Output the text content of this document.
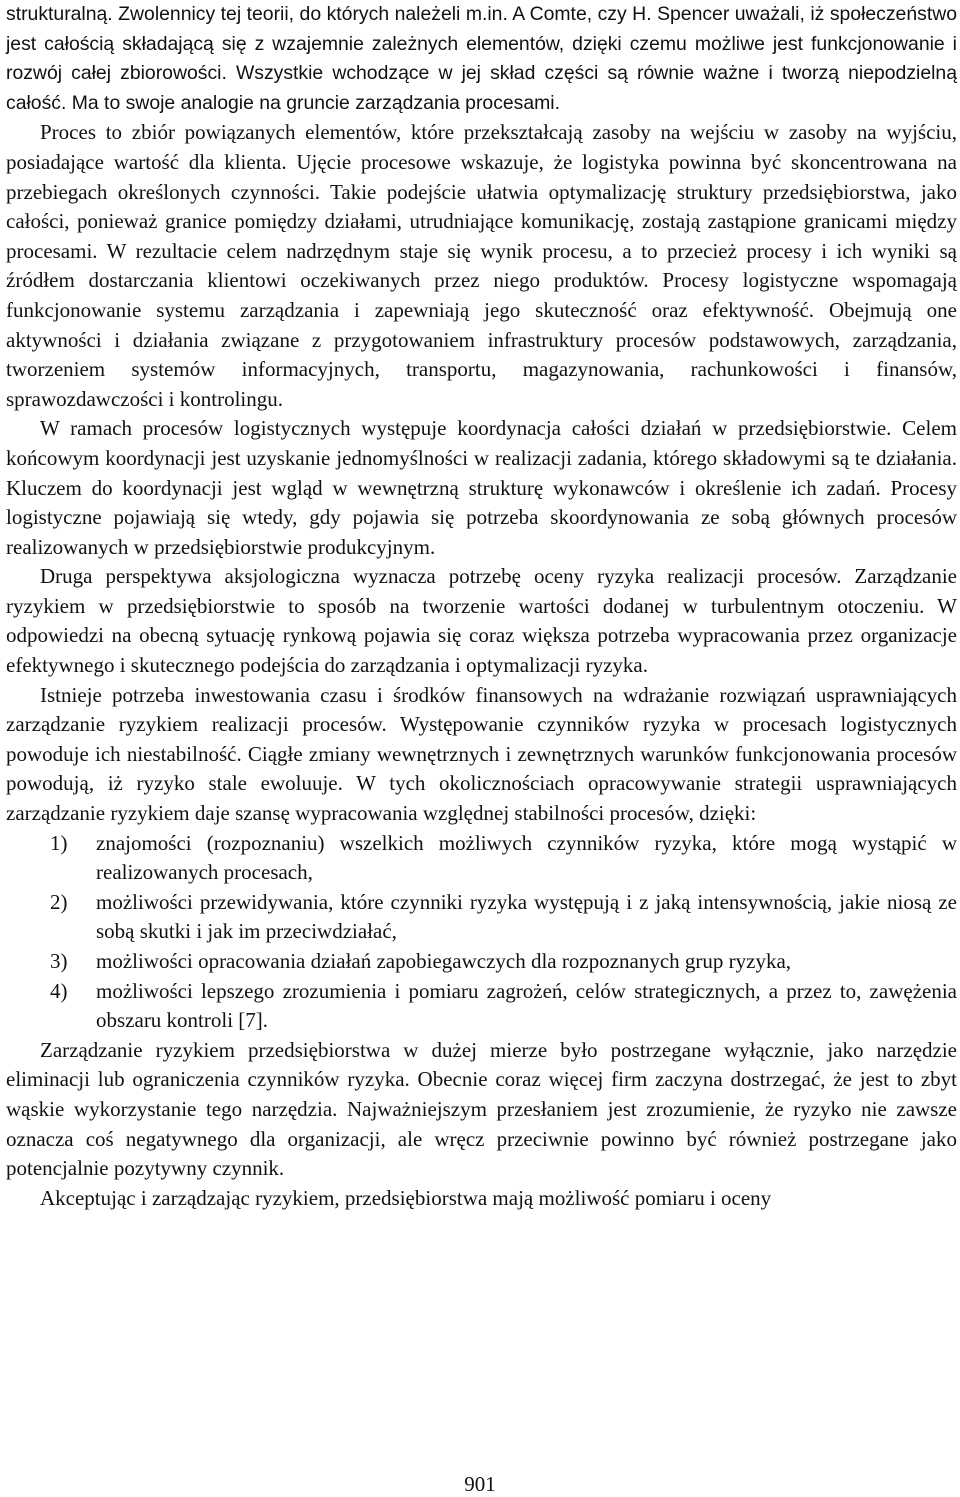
strukturalną. Zwolennicy tej teorii, do których należeli m.in. A Comte, czy H. Spencer uważali, iż społeczeństwo jest całością składającą się z wzajemnie zależnych elementów, dzięki czemu możliwe jest funkcjonowanie i rozwój całej zbiorowości. Wszystkie wchodzące w jej skład części są równie ważne i tworzą niepodzielną całość. Ma to swoje analogie na gruncie zarządzania procesami.

Proces to zbiór powiązanych elementów, które przekształcają zasoby na wejściu w zasoby na wyjściu, posiadające wartość dla klienta. Ujęcie procesowe wskazuje, że logistyka powinna być skoncentrowana na przebiegach określonych czynności. Takie podejście ułatwia optymalizację struktury przedsiębiorstwa, jako całości, ponieważ granice pomiędzy działami, utrudniające komunikację, zostają zastąpione granicami między procesami. W rezultacie celem nadrzędnym staje się wynik procesu, a to przecież procesy i ich wyniki są źródłem dostarczania klientowi oczekiwanych przez niego produktów. Procesy logistyczne wspomagają funkcjonowanie systemu zarządzania i zapewniają jego skuteczność oraz efektywność. Obejmują one aktywności i działania związane z przygotowaniem infrastruktury procesów podstawowych, zarządzania, tworzeniem systemów informacyjnych, transportu, magazynowania, rachunkowości i finansów, sprawozdawczości i kontrolingu.

W ramach procesów logistycznych występuje koordynacja całości działań w przedsiębiorstwie. Celem końcowym koordynacji jest uzyskanie jednomyślności w realizacji zadania, którego składowymi są te działania. Kluczem do koordynacji jest wgląd w wewnętrzną strukturę wykonawców i określenie ich zadań. Procesy logistyczne pojawiają się wtedy, gdy pojawia się potrzeba skoordynowania ze sobą głównych procesów realizowanych w przedsiębiorstwie produkcyjnym.

Druga perspektywa aksjologiczna wyznacza potrzebę oceny ryzyka realizacji procesów. Zarządzanie ryzykiem w przedsiębiorstwie to sposób na tworzenie wartości dodanej w turbulentnym otoczeniu. W odpowiedzi na obecną sytuację rynkową pojawia się coraz większa potrzeba wypracowania przez organizacje efektywnego i skutecznego podejścia do zarządzania i optymalizacji ryzyka.

Istnieje potrzeba inwestowania czasu i środków finansowych na wdrażanie rozwiązań usprawniających zarządzanie ryzykiem realizacji procesów. Występowanie czynników ryzyka w procesach logistycznych powoduje ich niestabilność. Ciągłe zmiany wewnętrznych i zewnętrznych warunków funkcjonowania procesów powodują, iż ryzyko stale ewoluuje. W tych okolicznościach opracowywanie strategii usprawniających zarządzanie ryzykiem daje szansę wypracowania względnej stabilności procesów, dzięki:

1) znajomości (rozpoznaniu) wszelkich możliwych czynników ryzyka, które mogą wystąpić w realizowanych procesach,
2) możliwości przewidywania, które czynniki ryzyka występują i z jaką intensywnością, jakie niosą ze sobą skutki i jak im przeciwdziałać,
3) możliwości opracowania działań zapobiegawczych dla rozpoznanych grup ryzyka,
4) możliwości lepszego zrozumienia i pomiaru zagrożeń, celów strategicznych, a przez to, zawężenia obszaru kontroli [7].

Zarządzanie ryzykiem przedsiębiorstwa w dużej mierze było postrzegane wyłącznie, jako narzędzie eliminacji lub ograniczenia czynników ryzyka. Obecnie coraz więcej firm zaczyna dostrzegać, że jest to zbyt wąskie wykorzystanie tego narzędzia. Najważniejszym przesłaniem jest zrozumienie, że ryzyko nie zawsze oznacza coś negatywnego dla organizacji, ale wręcz przeciwnie powinno być również postrzegane jako potencjalnie pozytywny czynnik.

Akceptując i zarządzając ryzykiem, przedsiębiorstwa mają możliwość pomiaru i oceny

901
